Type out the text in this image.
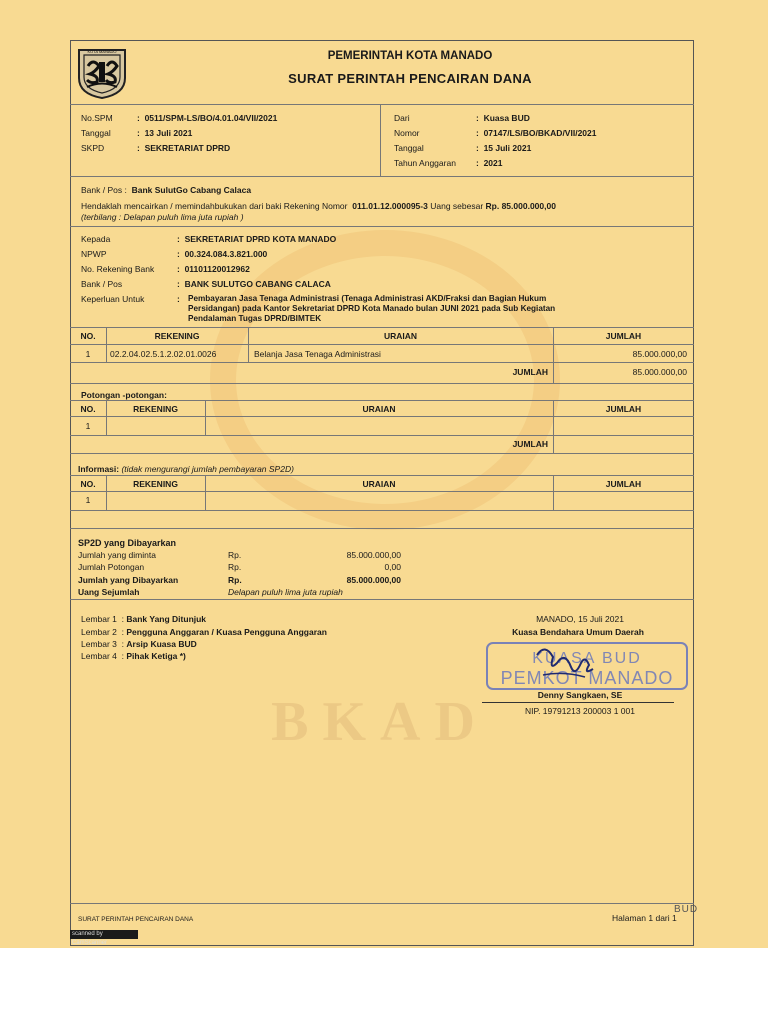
BKAD
KOTA MANADO	PEMERINTAH KOTA MANADO
SURAT PERINTAH PENCAIRAN DANA
No.SPM	:  0511/SPM-LS/BO/4.01.04/VII/2021
Tanggal	:  13 Juli 2021
SKPD	:  SEKRETARIAT DPRD
Dari	:  Kuasa BUD
Nomor	:  07147/LS/BO/BKAD/VII/2021
Tanggal	:  15 Juli 2021
Tahun Anggaran :  2021
Bank / Pos : Bank SulutGo Cabang Calaca
Hendaklah mencairkan / memindahbukukan dari baki Rekening Nomor 011.01.12.000095-3 Uang sebesar Rp. 85.000.000,00
(terbilang : Delapan puluh lima juta rupiah )
Kepada	:  SEKRETARIAT DPRD KOTA MANADO
NPWP	:  00.324.084.3.821.000
No. Rekening Bank	:  01101120012962
Bank / Pos	:  BANK SULUTGO CABANG CALACA
Keperluan Untuk	: Pembayaran Jasa Tenaga Administrasi (Tenaga Administrasi AKD/Fraksi dan Bagian Hukum
Persidangan) pada Kantor Sekretariat DPRD Kota Manado bulan JUNI 2021 pada Sub Kegiatan
Pendalaman Tugas DPRD/BIMTEK
NO.	REKENING	URAIAN	JUMLAH
1	02.2.04.02.5.1.2.02.01.0026	Belanja Jasa Tenaga Administrasi	85.000.000,00
JUMLAH	85.000.000,00
Potongan -potongan:
NO.	REKENING	URAIAN	JUMLAH
1
JUMLAH
Informasi: (tidak mengurangi jumlah pembayaran SP2D)
NO.	REKENING	URAIAN	JUMLAH
1
SP2D yang Dibayarkan
Jumlah yang diminta	Rp.	85.000.000,00
Jumlah Potongan	Rp.	0,00
Jumlah yang Dibayarkan	Rp.	85.000.000,00
Uang Sejumlah	Delapan puluh lima juta rupiah
Lembar 1  : Bank Yang Ditunjuk
Lembar 2  : Pengguna Anggaran / Kuasa Pengguna Anggaran
Lembar 3  : Arsip Kuasa BUD
Lembar 4  : Pihak Ketiga *)
MANADO, 15 Juli 2021
Kuasa Bendahara Umum Daerah
KUASA BUD
PEMKOT MANADO
Denny Sangkaen, SE
NIP. 19791213 200003 1 001
SURAT PERINTAH PENCAIRAN DANA	Halaman 1 dari 1
BUD
scanned by CamScanner
